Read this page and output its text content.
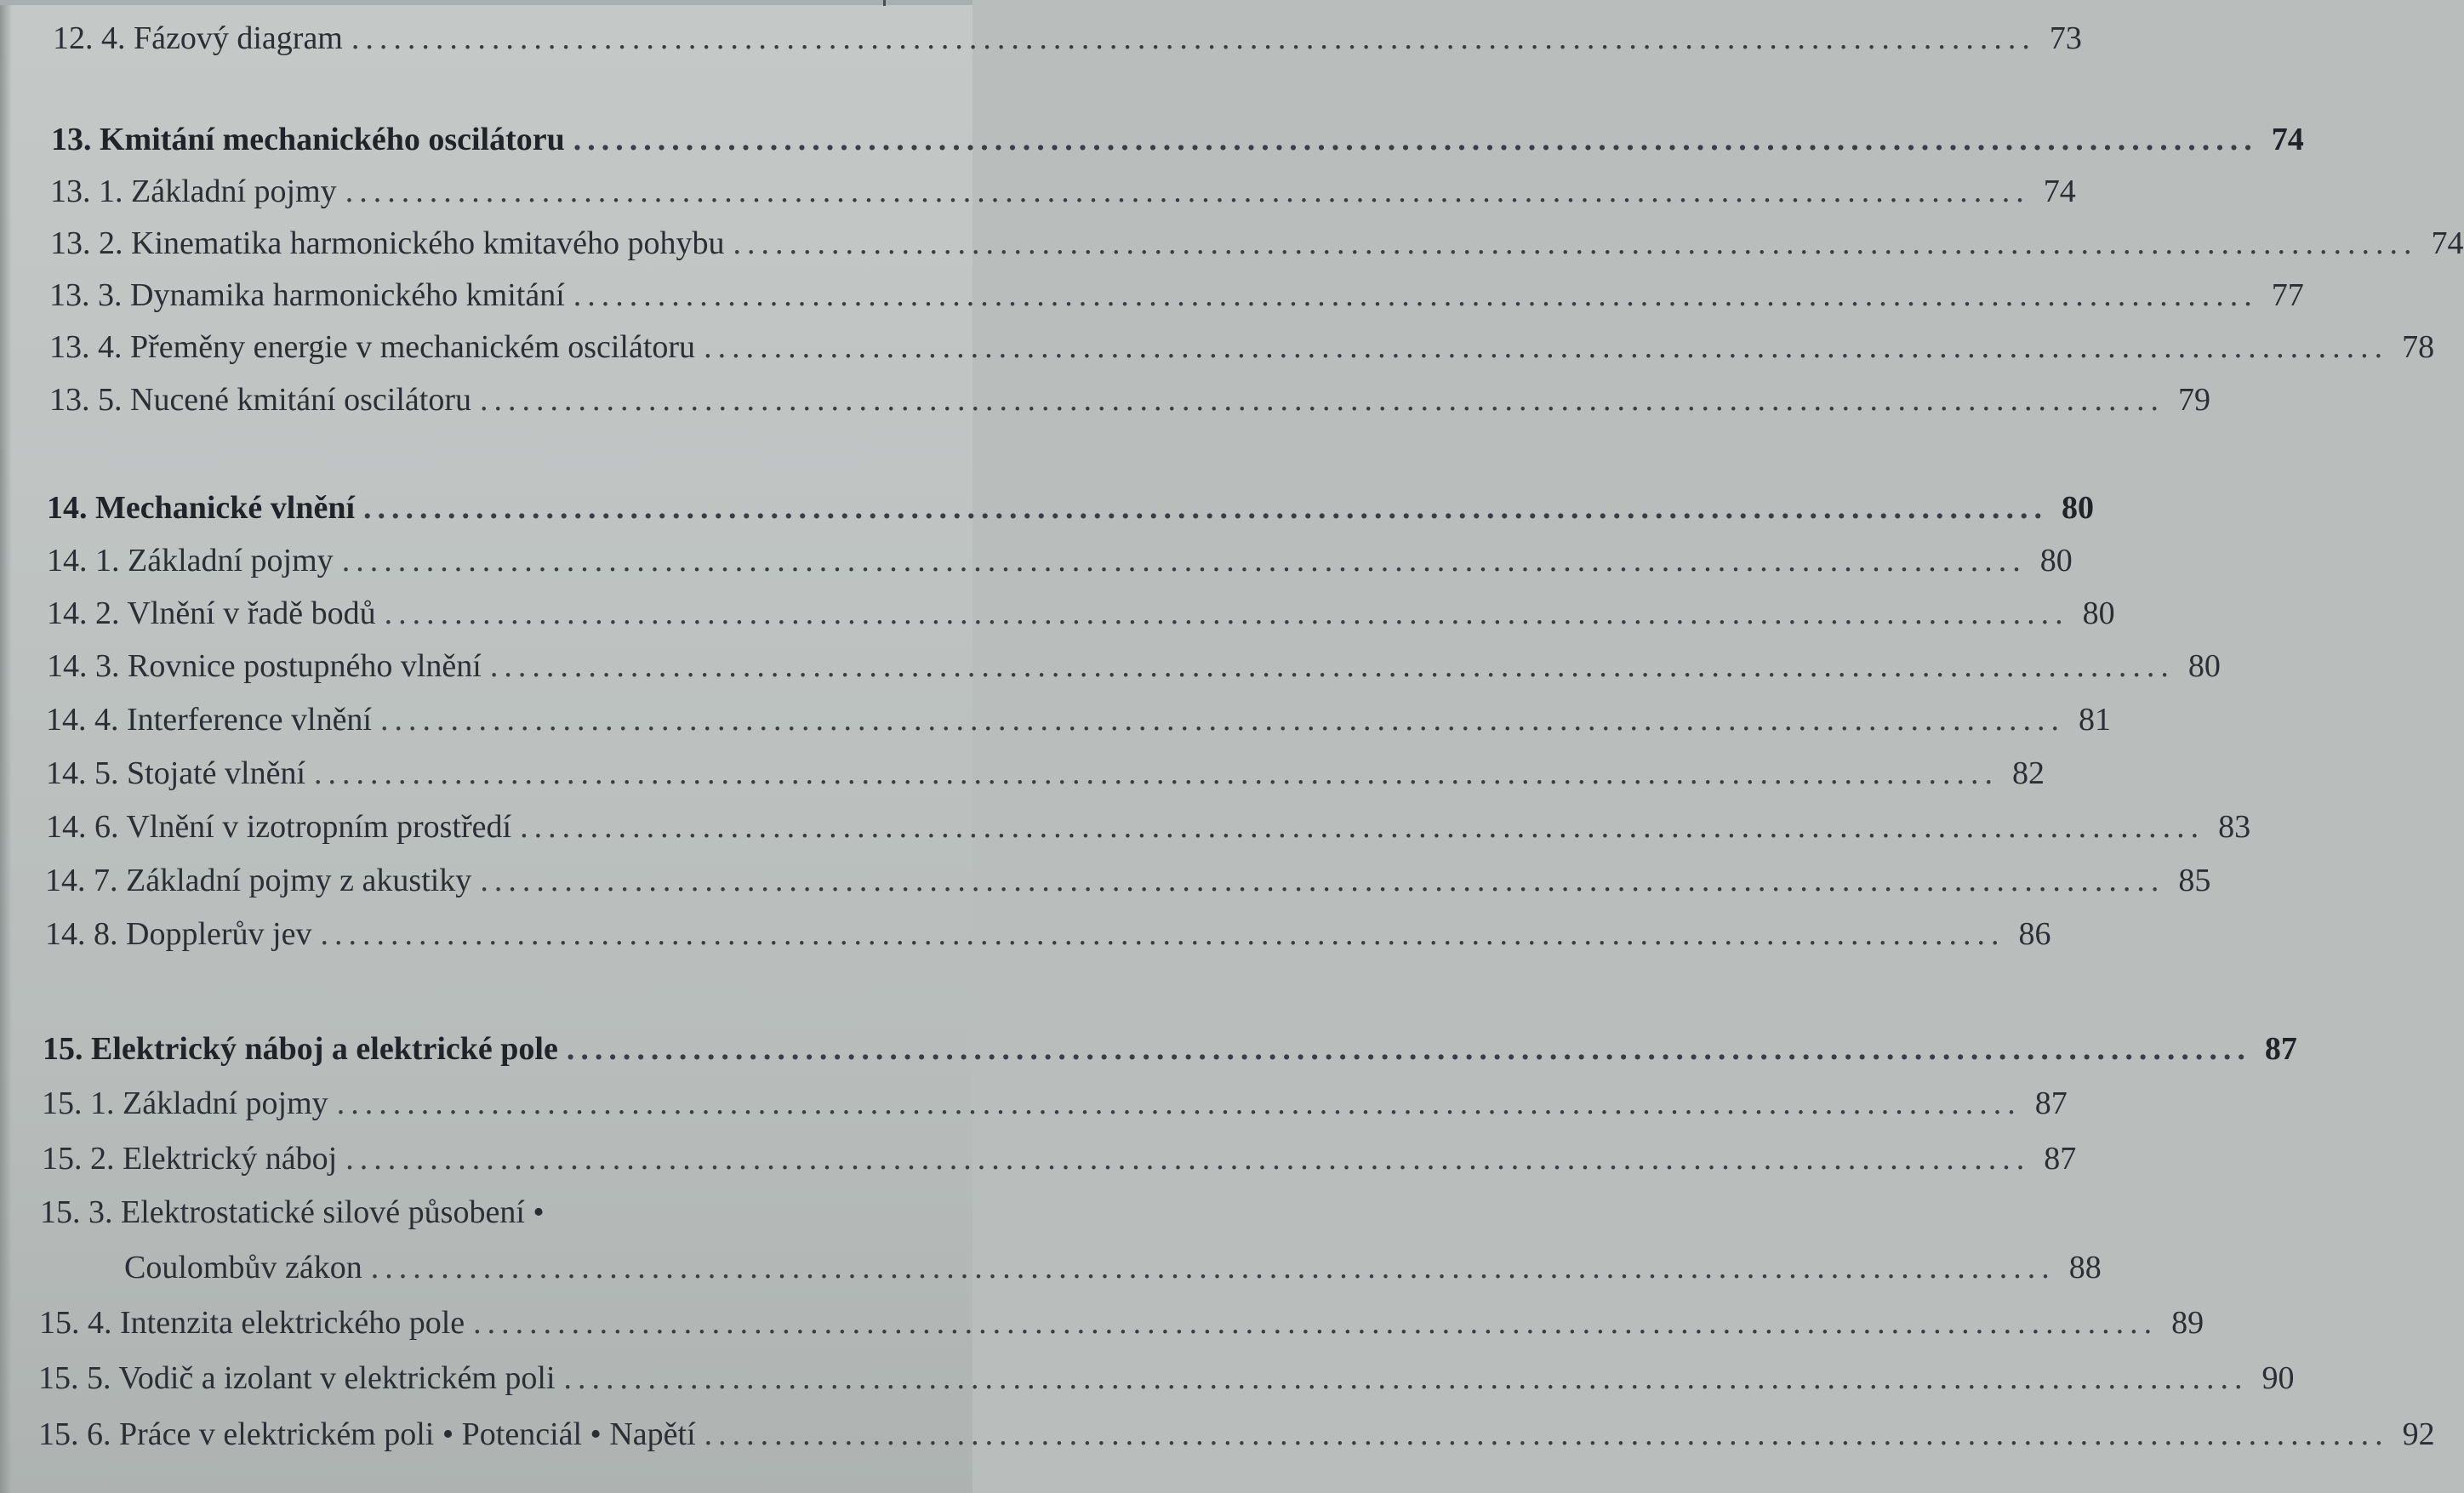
12. 4. Fázový diagram ........................................................................................................................ 73
13. Kmitání mechanického oscilátoru ........................................................................................................................ 74
13. 1. Základní pojmy ........................................................................................................................ 74
13. 2. Kinematika harmonického kmitavého pohybu ........................................................................................................................ 74
13. 3. Dynamika harmonického kmitání ........................................................................................................................ 77
13. 4. Přeměny energie v mechanickém oscilátoru ........................................................................................................................ 78
13. 5. Nucené kmitání oscilátoru ........................................................................................................................ 79
14. Mechanické vlnění ........................................................................................................................ 80
14. 1. Základní pojmy ........................................................................................................................ 80
14. 2. Vlnění v řadě bodů ........................................................................................................................ 80
14. 3. Rovnice postupného vlnění ........................................................................................................................ 80
14. 4. Interference vlnění ........................................................................................................................ 81
14. 5. Stojaté vlnění ........................................................................................................................ 82
14. 6. Vlnění v izotropním prostředí ........................................................................................................................ 83
14. 7. Základní pojmy z akustiky ........................................................................................................................ 85
14. 8. Dopplerův jev ........................................................................................................................ 86
15. Elektrický náboj a elektrické pole ........................................................................................................................ 87
15. 1. Základní pojmy ........................................................................................................................ 87
15. 2. Elektrický náboj ........................................................................................................................ 87
15. 3. Elektrostatické silové působení •
Coulombův zákon ........................................................................................................................ 88
15. 4. Intenzita elektrického pole ........................................................................................................................ 89
15. 5. Vodič a izolant v elektrickém poli ........................................................................................................................ 90
15. 6. Práce v elektrickém poli • Potenciál • Napětí ........................................................................................................................ 92
